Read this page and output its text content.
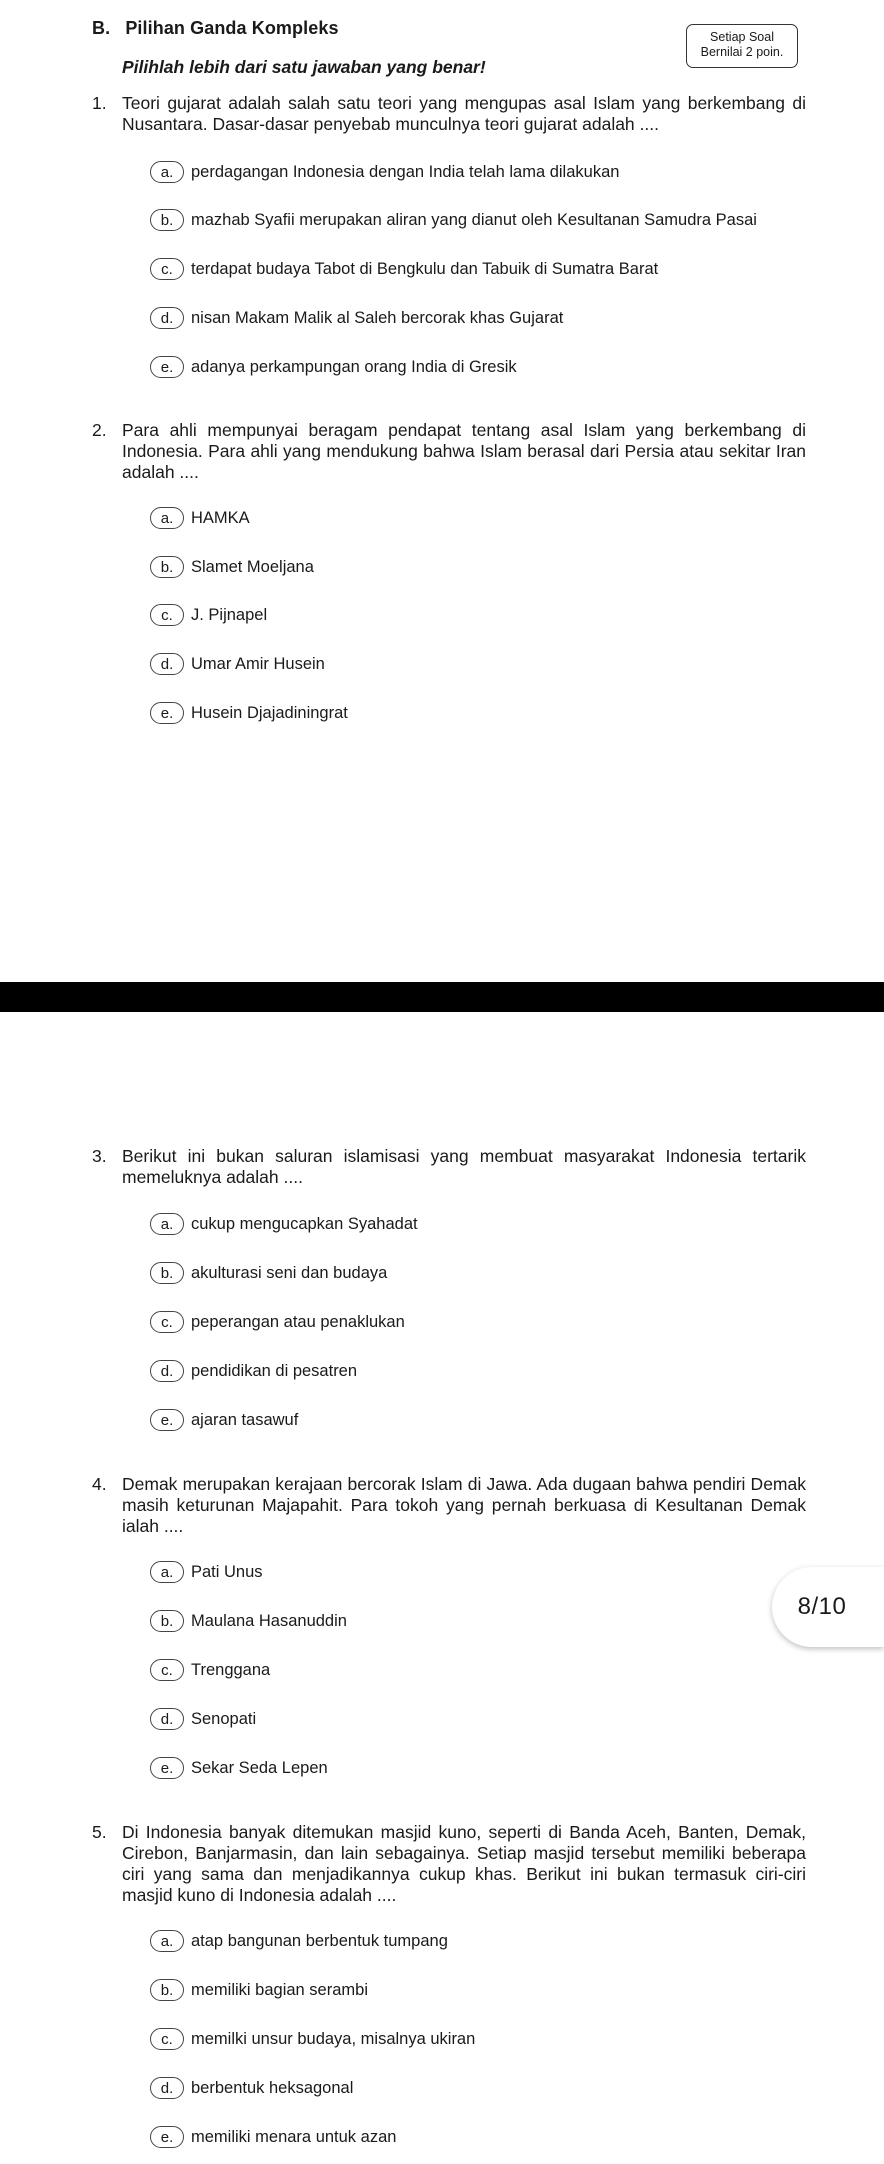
B. Pilihan Ganda Kompleks
Pilihlah lebih dari satu jawaban yang benar!
Setiap Soal
Bernilai 2 poin.
1. Teori gujarat adalah salah satu teori yang mengupas asal Islam yang berkembang di Nusantara. Dasar-dasar penyebab munculnya teori gujarat adalah ....
a. perdagangan Indonesia dengan India telah lama dilakukan
b. mazhab Syafii merupakan aliran yang dianut oleh Kesultanan Samudra Pasai
c. terdapat budaya Tabot di Bengkulu dan Tabuik di Sumatra Barat
d. nisan Makam Malik al Saleh bercorak khas Gujarat
e. adanya perkampungan orang India di Gresik
2. Para ahli mempunyai beragam pendapat tentang asal Islam yang berkembang di Indonesia. Para ahli yang mendukung bahwa Islam berasal dari Persia atau sekitar Iran adalah ....
a. HAMKA
b. Slamet Moeljana
c. J. Pijnapel
d. Umar Amir Husein
e. Husein Djajadiningrat
3. Berikut ini bukan saluran islamisasi yang membuat masyarakat Indonesia tertarik memeluknya adalah ....
a. cukup mengucapkan Syahadat
b. akulturasi seni dan budaya
c. peperangan atau penaklukan
d. pendidikan di pesatren
e. ajaran tasawuf
4. Demak merupakan kerajaan bercorak Islam di Jawa. Ada dugaan bahwa pendiri Demak masih keturunan Majapahit. Para tokoh yang pernah berkuasa di Kesultanan Demak ialah ....
a. Pati Unus
b. Maulana Hasanuddin
c. Trenggana
d. Senopati
e. Sekar Seda Lepen
5. Di Indonesia banyak ditemukan masjid kuno, seperti di Banda Aceh, Banten, Demak, Cirebon, Banjarmasin, dan lain sebagainya. Setiap masjid tersebut memiliki beberapa ciri yang sama dan menjadikannya cukup khas. Berikut ini bukan termasuk ciri-ciri masjid kuno di Indonesia adalah ....
a. atap bangunan berbentuk tumpang
b. memiliki bagian serambi
c. memilki unsur budaya, misalnya ukiran
d. berbentuk heksagonal
e. memiliki menara untuk azan
8/10
